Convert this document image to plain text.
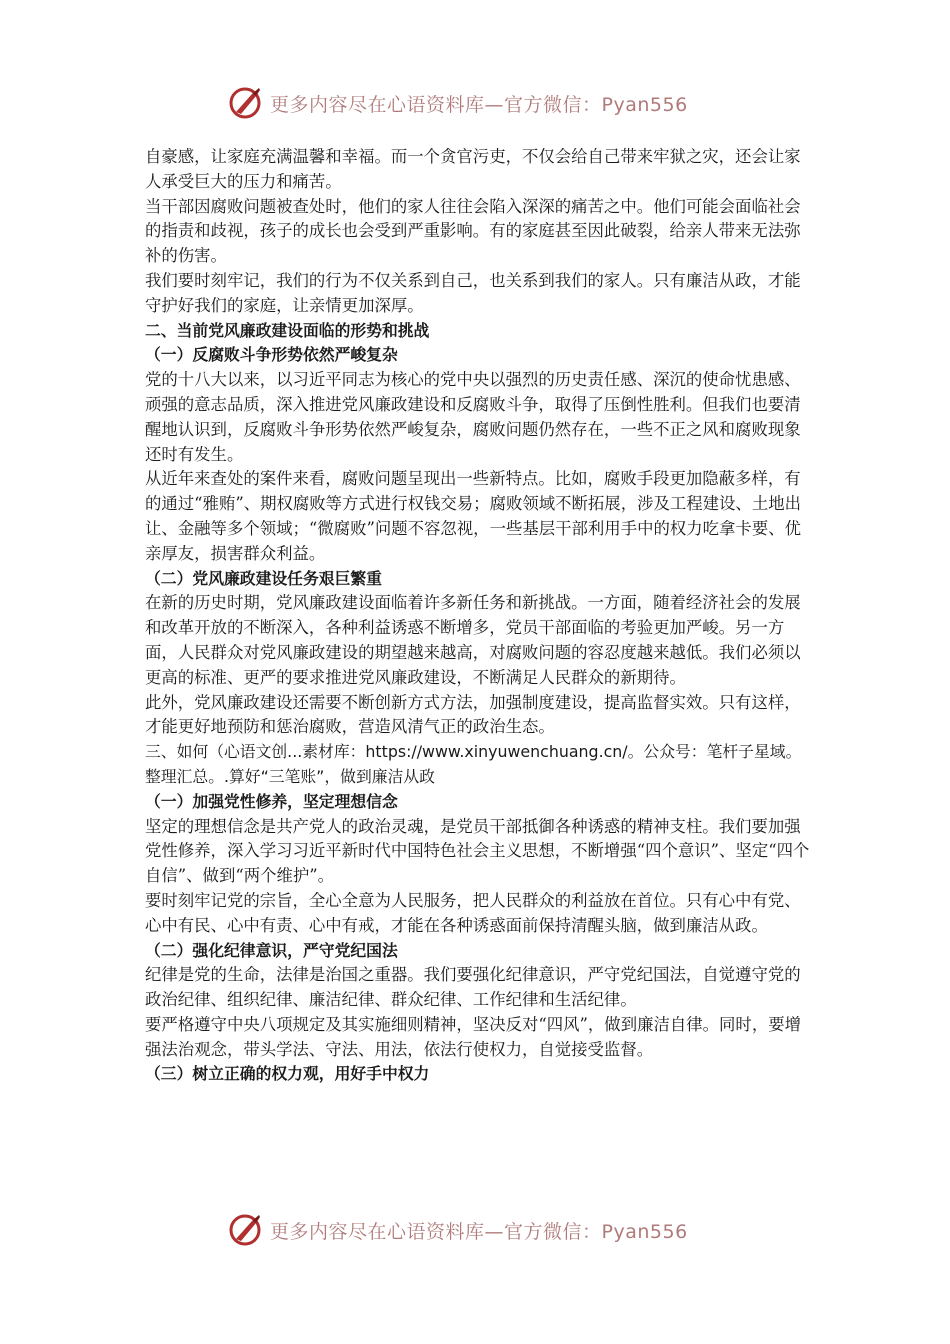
更多内容尽在心语资料库—官方微信：Pyan556

自豪感，让家庭充满温馨和幸福。而一个贪官污吏，不仅会给自己带来牢狱之灾，还会让家人承受巨大的压力和痛苦。

当干部因腐败问题被查处时，他们的家人往往会陷入深深的痛苦之中。他们可能会面临社会的指责和歧视，孩子的成长也会受到严重影响。有的家庭甚至因此破裂，给亲人带来无法弥补的伤害。

我们要时刻牢记，我们的行为不仅关系到自己，也关系到我们的家人。只有廉洁从政，才能守护好我们的家庭，让亲情更加深厚。

二、当前党风廉政建设面临的形势和挑战

（一）反腐败斗争形势依然严峻复杂

党的十八大以来，以习近平同志为核心的党中央以强烈的历史责任感、深沉的使命忧患感、顽强的意志品质，深入推进党风廉政建设和反腐败斗争，取得了压倒性胜利。但我们也要清醒地认识到，反腐败斗争形势依然严峻复杂，腐败问题仍然存在，一些不正之风和腐败现象还时有发生。

从近年来查处的案件来看，腐败问题呈现出一些新特点。比如，腐败手段更加隐蔽多样，有的通过“雅贿”、期权腐败等方式进行权钱交易；腐败领域不断拓展，涉及工程建设、土地出让、金融等多个领域；“微腐败”问题不容忽视，一些基层干部利用手中的权力吃拿卡要、优亲厚友，损害群众利益。

（二）党风廉政建设任务艰巨繁重

在新的历史时期，党风廉政建设面临着许多新任务和新挑战。一方面，随着经济社会的发展和改革开放的不断深入，各种利益诱惑不断增多，党员干部面临的考验更加严峻。另一方面，人民群众对党风廉政建设的期望越来越高，对腐败问题的容忍度越来越低。我们必须以更高的标准、更严的要求推进党风廉政建设，不断满足人民群众的新期待。

此外，党风廉政建设还需要不断创新方式方法，加强制度建设，提高监督实效。只有这样，才能更好地预防和惩治腐败，营造风清气正的政治生态。

三、如何（心语文创...素材库：https://www.xinyuwenchuang.cn/。公众号：笔杆子星域。整理汇总。.算好“三笔账”，做到廉洁从政

（一）加强党性修养，坚定理想信念

坚定的理想信念是共产党人的政治灵魂，是党员干部抵御各种诱惑的精神支柱。我们要加强党性修养，深入学习习近平新时代中国特色社会主义思想，不断增强“四个意识”、坚定“四个自信”、做到“两个维护”。

要时刻牢记党的宗旨，全心全意为人民服务，把人民群众的利益放在首位。只有心中有党、心中有民、心中有责、心中有戒，才能在各种诱惑面前保持清醒头脑，做到廉洁从政。

（二）强化纪律意识，严守党纪国法

纪律是党的生命，法律是治国之重器。我们要强化纪律意识，严守党纪国法，自觉遵守党的政治纪律、组织纪律、廉洁纪律、群众纪律、工作纪律和生活纪律。

要严格遵守中央八项规定及其实施细则精神，坚决反对“四风”，做到廉洁自律。同时，要增强法治观念，带头学法、守法、用法，依法行使权力，自觉接受监督。

（三）树立正确的权力观，用好手中权力

更多内容尽在心语资料库—官方微信：Pyan556
